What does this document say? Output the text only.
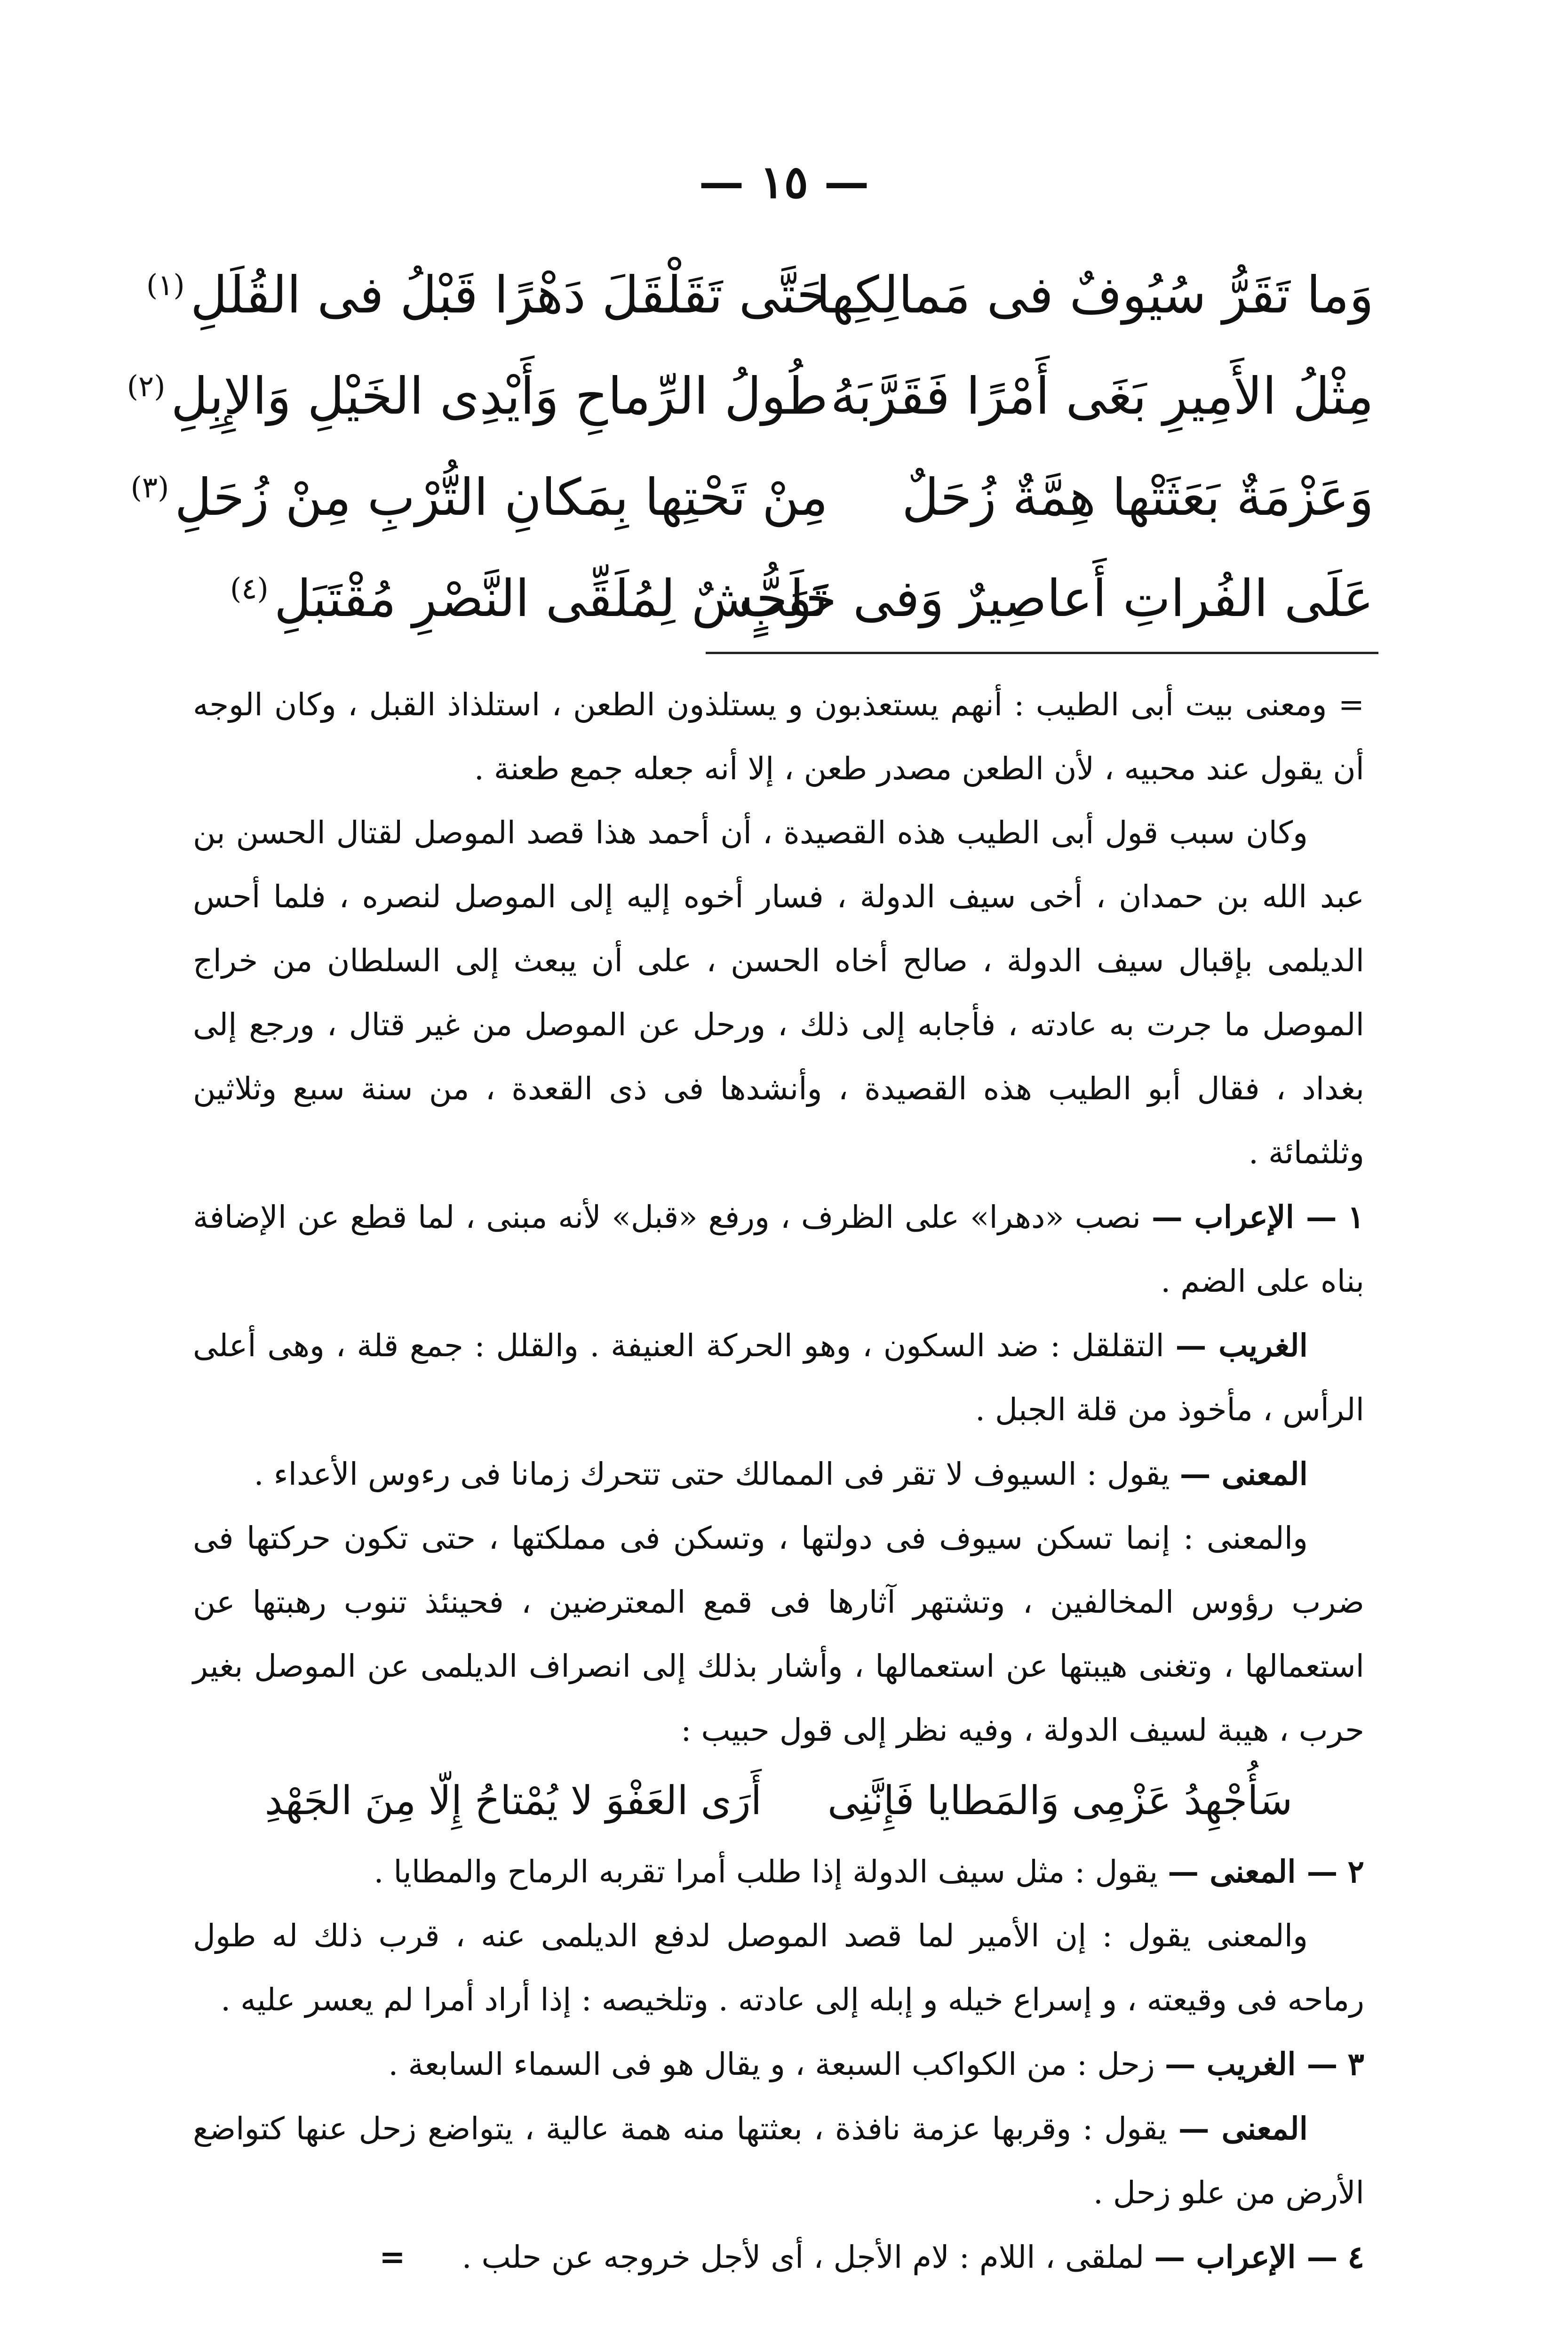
— ١٥ —
وَما تَقَرُّ سُيُوفٌ فى مَمالِكِها
حَتَّى تَقَلْقَلَ دَهْرًا قَبْلُ فى القُلَلِ$^{(١)}$
مِثْلُ الأَمِيرِ بَغَى أَمْرًا فَقَرَّبَهُ
طُولُ الرِّماحِ وَأَيْدِى الخَيْلِ وَالإِبِلِ$^{(٢)}$
وَعَزْمَةٌ بَعَثَتْها هِمَّةٌ زُحَلٌ
مِنْ تَحْتِها بِمَكانِ التُّرْبِ مِنْ زُحَلِ$^{(٣)}$
عَلَى الفُراتِ أَعاصِيرٌ وَفى حَلَبٍ
تَوَحُّشٌ لِمُلَقِّى النَّصْرِ مُقْتَبَلِ$^{(٤)}$

= ومعنى بيت أبى الطيب : أنهم يستعذبون و يستلذون الطعن ، استلذاذ القبل ، وكان الوجه أن يقول عند محبيه ، لأن الطعن مصدر طعن ، إلا أنه جعله جمع طعنة .

وكان سبب قول أبى الطيب هذه القصيدة ، أن أحمد هذا قصد الموصل لقتال الحسن بن عبد الله بن حمدان ، أخى سيف الدولة ، فسار أخوه إليه إلى الموصل لنصره ، فلما أحس الديلمى بإقبال سيف الدولة ، صالح أخاه الحسن ، على أن يبعث إلى السلطان من خراج الموصل ما جرت به عادته ، فأجابه إلى ذلك ، ورحل عن الموصل من غير قتال ، ورجع إلى بغداد ، فقال أبو الطيب هذه القصيدة ، وأنشدها فى ذى القعدة ، من سنة سبع وثلاثين وثلثمائة .

١ — الإعراب — نصب «دهرا» على الظرف ، ورفع «قبل» لأنه مبنى ، لما قطع عن الإضافة بناه على الضم .

الغريب — التقلقل : ضد السكون ، وهو الحركة العنيفة . والقلل : جمع قلة ، وهى أعلى الرأس ، مأخوذ من قلة الجبل .

المعنى — يقول : السيوف لا تقر فى الممالك حتى تتحرك زمانا فى رءوس الأعداء .

والمعنى : إنما تسكن سيوف فى دولتها ، وتسكن فى مملكتها ، حتى تكون حركتها فى ضرب رؤوس المخالفين ، وتشتهر آثارها فى قمع المعترضين ، فحينئذ تنوب رهبتها عن استعمالها ، وتغنى هيبتها عن استعمالها ، وأشار بذلك إلى انصراف الديلمى عن الموصل بغير حرب ، هيبة لسيف الدولة ، وفيه نظر إلى قول حبيب :

سَأُجْهِدُ عَزْمِى وَالمَطايا فَإِنَّنِى
أَرَى العَفْوَ لا يُمْتاحُ إِلّا مِنَ الجَهْدِ

٢ — المعنى — يقول : مثل سيف الدولة إذا طلب أمرا تقربه الرماح والمطايا .

والمعنى يقول : إن الأمير لما قصد الموصل لدفع الديلمى عنه ، قرب ذلك له طول رماحه فى وقيعته ، و إسراع خيله و إبله إلى عادته . وتلخيصه : إذا أراد أمرا لم يعسر عليه .

٣ — الغريب — زحل : من الكواكب السبعة ، و يقال هو فى السماء السابعة .

المعنى — يقول : وقربها عزمة نافذة ، بعثتها منه همة عالية ، يتواضع زحل عنها كتواضع الأرض من علو زحل .

٤ — الإعراب — لملقى ، اللام : لام الأجل ، أى لأجل خروجه عن حلب .=
